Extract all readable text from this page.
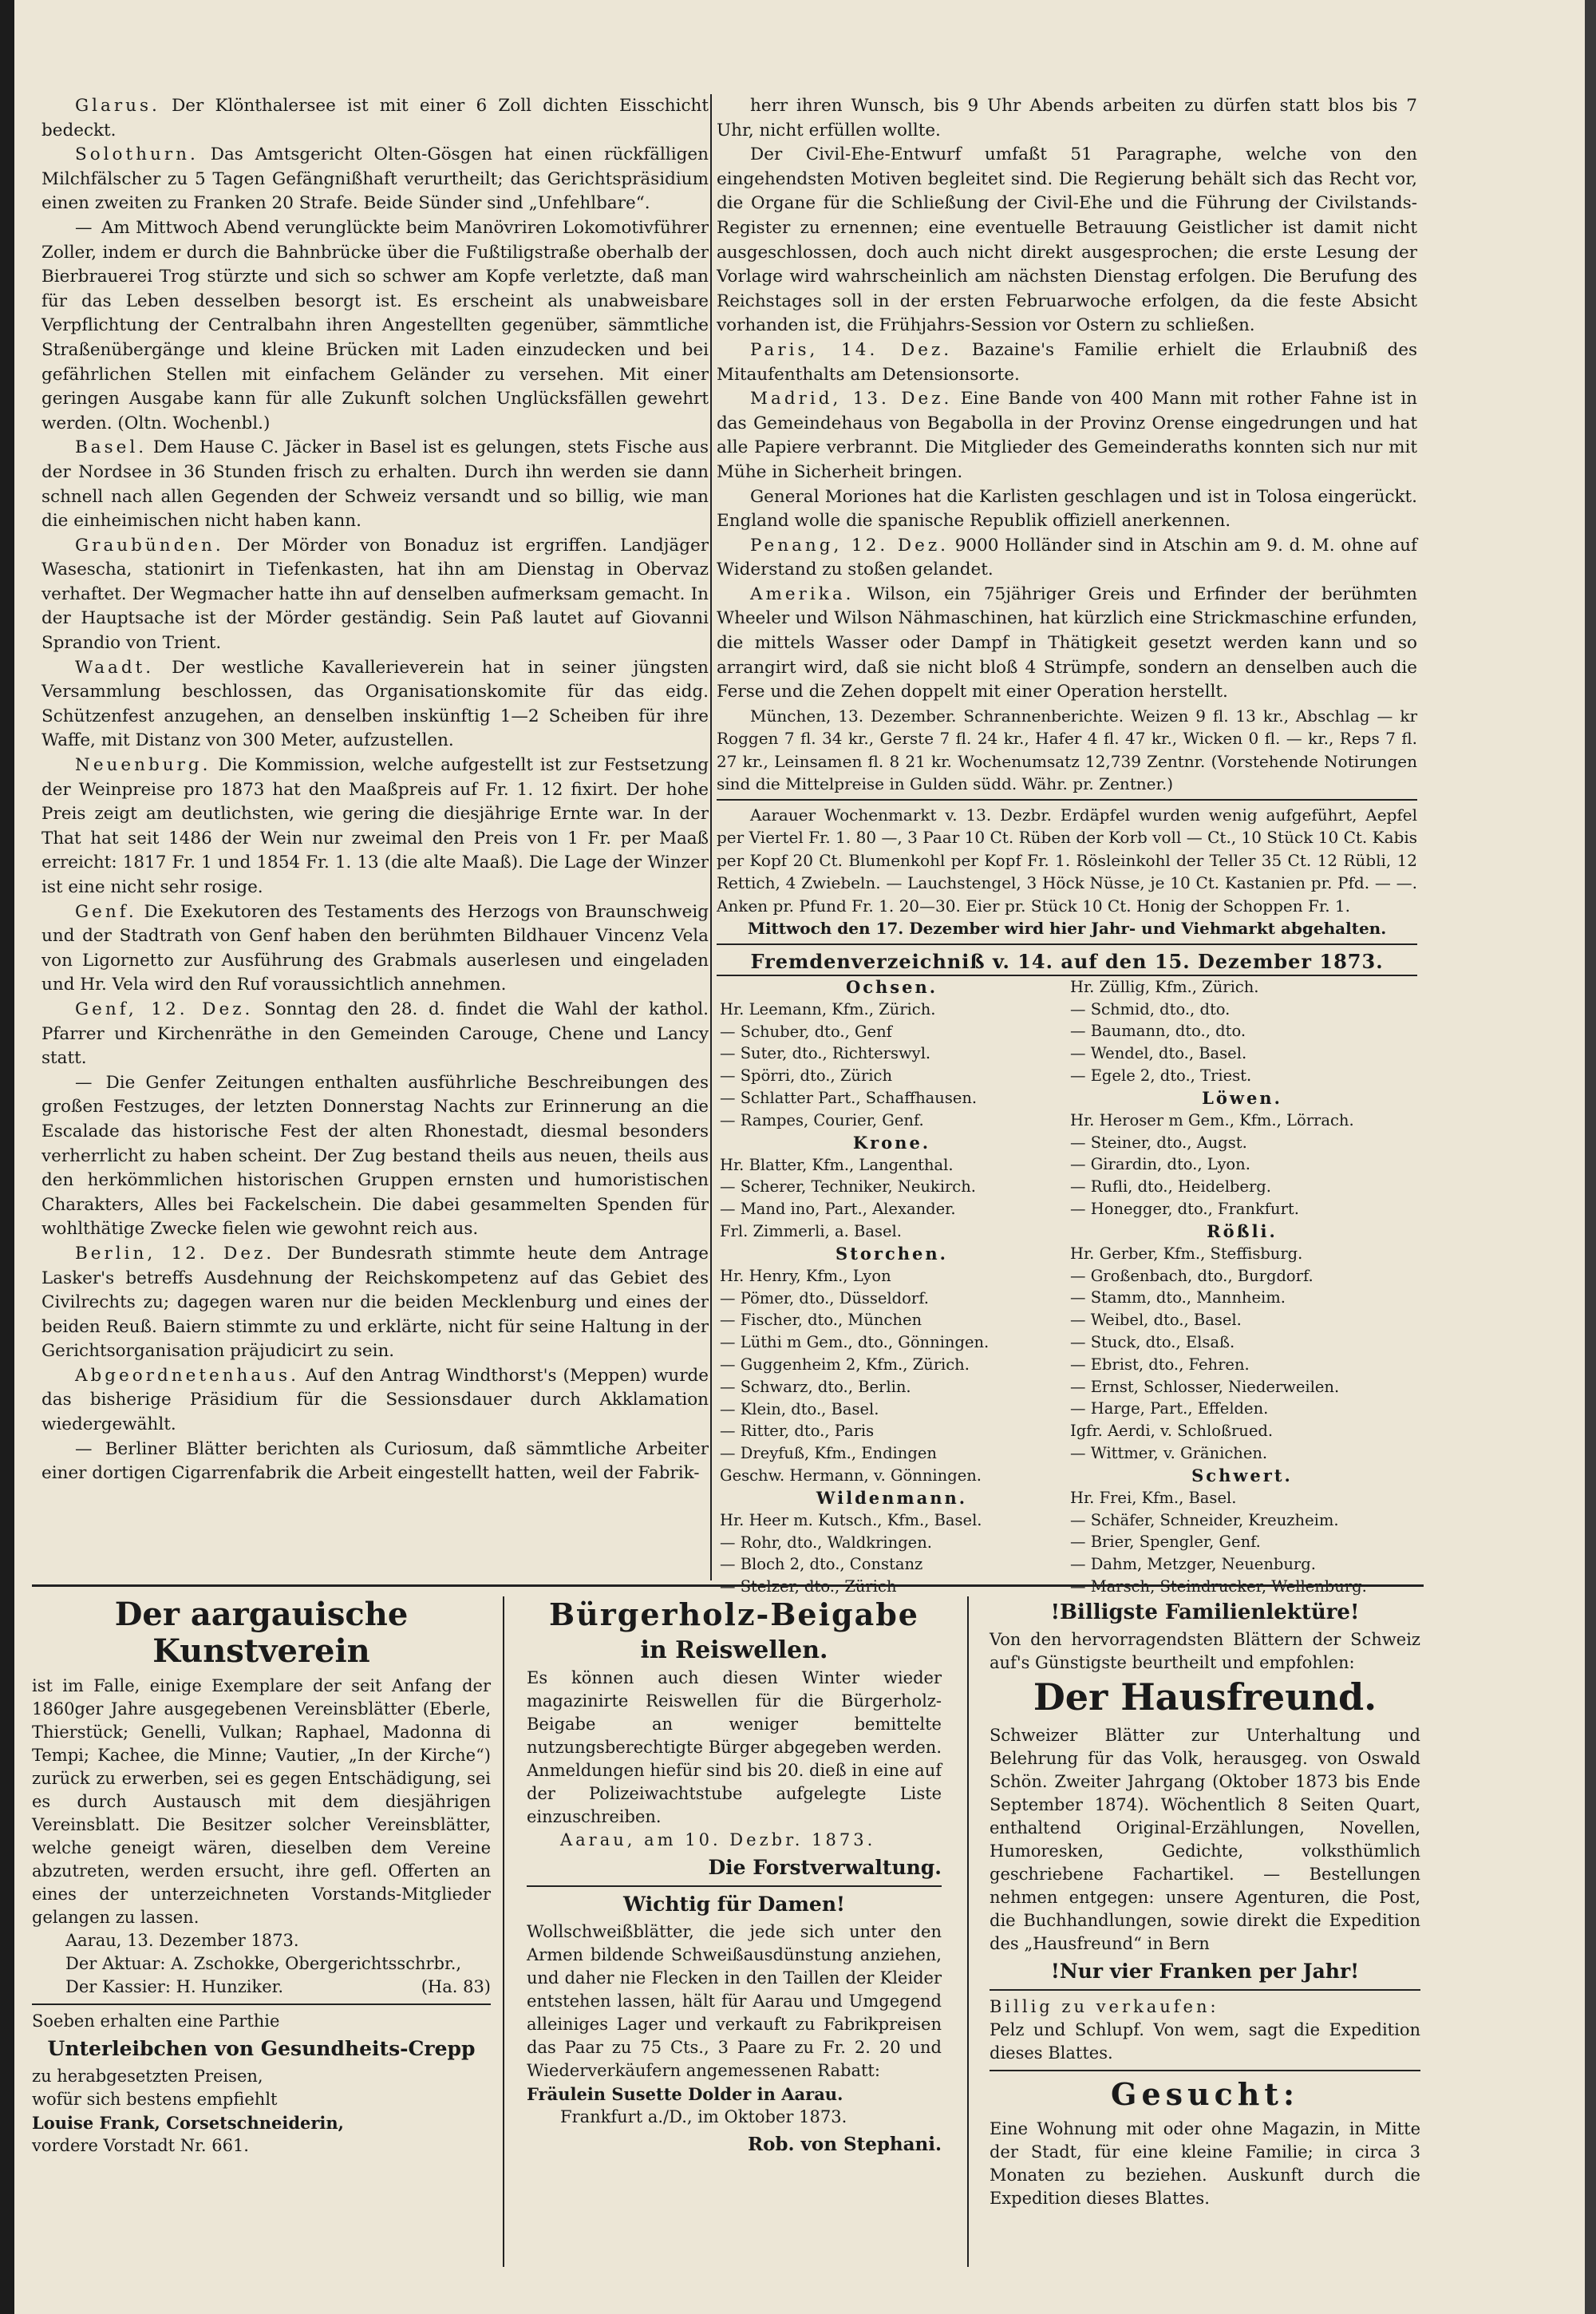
Glarus. Der Klönthalersee ist mit einer 6 Zoll dichten Eisschicht bedeckt.

Solothurn. Das Amtsgericht Olten-Gösgen hat einen rückfälligen Milchfälscher zu 5 Tagen Gefängnißhaft verurtheilt; das Gerichtspräsidium einen zweiten zu Franken 20 Strafe. Beide Sünder sind „Unfehlbare“.

— Am Mittwoch Abend verunglückte beim Manövriren Lokomotivführer Zoller, indem er durch die Bahnbrücke über die Fußtiligstraße oberhalb der Bierbrauerei Trog stürzte und sich so schwer am Kopfe verletzte, daß man für das Leben desselben besorgt ist. Es erscheint als unabweisbare Verpflichtung der Centralbahn ihren Angestellten gegenüber, sämmtliche Straßenübergänge und kleine Brücken mit Laden einzudecken und bei gefährlichen Stellen mit einfachem Geländer zu versehen. Mit einer geringen Ausgabe kann für alle Zukunft solchen Unglücksfällen gewehrt werden. (Oltn. Wochenbl.)

Basel. Dem Hause C. Jäcker in Basel ist es gelungen, stets Fische aus der Nordsee in 36 Stunden frisch zu erhalten. Durch ihn werden sie dann schnell nach allen Gegenden der Schweiz versandt und so billig, wie man die einheimischen nicht haben kann.

Graubünden. Der Mörder von Bonaduz ist ergriffen. Landjäger Wasescha, stationirt in Tiefenkasten, hat ihn am Dienstag in Obervaz verhaftet. Der Wegmacher hatte ihn auf denselben aufmerksam gemacht. In der Hauptsache ist der Mörder geständig. Sein Paß lautet auf Giovanni Sprandio von Trient.

Waadt. Der westliche Kavallerieverein hat in seiner jüngsten Versammlung beschlossen, das Organisationskomite für das eidg. Schützenfest anzugehen, an denselben inskünftig 1—2 Scheiben für ihre Waffe, mit Distanz von 300 Meter, aufzustellen.

Neuenburg. Die Kommission, welche aufgestellt ist zur Festsetzung der Weinpreise pro 1873 hat den Maaßpreis auf Fr. 1. 12 fixirt. Der hohe Preis zeigt am deutlichsten, wie gering die diesjährige Ernte war. In der That hat seit 1486 der Wein nur zweimal den Preis von 1 Fr. per Maaß erreicht: 1817 Fr. 1 und 1854 Fr. 1. 13 (die alte Maaß). Die Lage der Winzer ist eine nicht sehr rosige.

Genf. Die Exekutoren des Testaments des Herzogs von Braunschweig und der Stadtrath von Genf haben den berühmten Bildhauer Vincenz Vela von Ligornetto zur Ausführung des Grabmals auserlesen und eingeladen und Hr. Vela wird den Ruf voraussichtlich annehmen.

Genf, 12. Dez. Sonntag den 28. d. findet die Wahl der kathol. Pfarrer und Kirchenräthe in den Gemeinden Carouge, Chene und Lancy statt.

— Die Genfer Zeitungen enthalten ausführliche Beschreibungen des großen Festzuges, der letzten Donnerstag Nachts zur Erinnerung an die Escalade das historische Fest der alten Rhonestadt, diesmal besonders verherrlicht zu haben scheint. Der Zug bestand theils aus neuen, theils aus den herkömmlichen historischen Gruppen ernsten und humoristischen Charakters, Alles bei Fackelschein. Die dabei gesammelten Spenden für wohlthätige Zwecke fielen wie gewohnt reich aus.

Berlin, 12. Dez. Der Bundesrath stimmte heute dem Antrage Lasker's betreffs Ausdehnung der Reichskompetenz auf das Gebiet des Civilrechts zu; dagegen waren nur die beiden Mecklenburg und eines der beiden Reuß. Baiern stimmte zu und erklärte, nicht für seine Haltung in der Gerichtsorganisation präjudicirt zu sein.

Abgeordnetenhaus. Auf den Antrag Windthorst's (Meppen) wurde das bisherige Präsidium für die Sessionsdauer durch Akklamation wiedergewählt.

— Berliner Blätter berichten als Curiosum, daß sämmtliche Arbeiter einer dortigen Cigarrenfabrik die Arbeit eingestellt hatten, weil der Fabrik-

herr ihren Wunsch, bis 9 Uhr Abends arbeiten zu dürfen statt blos bis 7 Uhr, nicht erfüllen wollte.

Der Civil-Ehe-Entwurf umfaßt 51 Paragraphe, welche von den eingehendsten Motiven begleitet sind. Die Regierung behält sich das Recht vor, die Organe für die Schließung der Civil-Ehe und die Führung der Civilstands-Register zu ernennen; eine eventuelle Betrauung Geistlicher ist damit nicht ausgeschlossen, doch auch nicht direkt ausgesprochen; die erste Lesung der Vorlage wird wahrscheinlich am nächsten Dienstag erfolgen. Die Berufung des Reichstages soll in der ersten Februarwoche erfolgen, da die feste Absicht vorhanden ist, die Frühjahrs-Session vor Ostern zu schließen.

Paris, 14. Dez. Bazaine's Familie erhielt die Erlaubniß des Mitaufenthalts am Detensionsorte.

Madrid, 13. Dez. Eine Bande von 400 Mann mit rother Fahne ist in das Gemeindehaus von Begabolla in der Provinz Orense eingedrungen und hat alle Papiere verbrannt. Die Mitglieder des Gemeinderaths konnten sich nur mit Mühe in Sicherheit bringen.

General Moriones hat die Karlisten geschlagen und ist in Tolosa eingerückt. England wolle die spanische Republik offiziell anerkennen.

Penang, 12. Dez. 9000 Holländer sind in Atschin am 9. d. M. ohne auf Widerstand zu stoßen gelandet.

Amerika. Wilson, ein 75jähriger Greis und Erfinder der berühmten Wheeler und Wilson Nähmaschinen, hat kürzlich eine Strickmaschine erfunden, die mittels Wasser oder Dampf in Thätigkeit gesetzt werden kann und so arrangirt wird, daß sie nicht bloß 4 Strümpfe, sondern an denselben auch die Ferse und die Zehen doppelt mit einer Operation herstellt.

München, 13. Dezember. Schrannenberichte. Weizen 9 fl. 13 kr., Abschlag — kr Roggen 7 fl. 34 kr., Gerste 7 fl. 24 kr., Hafer 4 fl. 47 kr., Wicken 0 fl. — kr., Reps 7 fl. 27 kr., Leinsamen fl. 8 21 kr. Wochenumsatz 12,739 Zentnr. (Vorstehende Notirungen sind die Mittelpreise in Gulden südd. Währ. pr. Zentner.)

Aarauer Wochenmarkt v. 13. Dezbr. Erdäpfel wurden wenig aufgeführt, Aepfel per Viertel Fr. 1. 80 —, 3 Paar 10 Ct. Rüben der Korb voll — Ct., 10 Stück 10 Ct. Kabis per Kopf 20 Ct. Blumenkohl per Kopf Fr. 1. Rösleinkohl der Teller 35 Ct. 12 Rübli, 12 Rettich, 4 Zwiebeln. — Lauchstengel, 3 Höck Nüsse, je 10 Ct. Kastanien pr. Pfd. — —. Anken pr. Pfund Fr. 1. 20—30. Eier pr. Stück 10 Ct. Honig der Schoppen Fr. 1.

Mittwoch den 17. Dezember wird hier Jahr- und Viehmarkt abgehalten.

Fremdenverzeichniß v. 14. auf den 15. Dezember 1873.

Ochsen.
Hr. Leemann, Kfm., Zürich.
— Schuber, dto., Genf
— Suter, dto., Richterswyl.
— Spörri, dto., Zürich
— Schlatter Part., Schaffhausen.
— Rampes, Courier, Genf.
Krone.
Hr. Blatter, Kfm., Langenthal.
— Scherer, Techniker, Neukirch.
— Mand ino, Part., Alexander.
Frl. Zimmerli, a. Basel.
Storchen.
Hr. Henry, Kfm., Lyon
— Pömer, dto., Düsseldorf.
— Fischer, dto., München
— Lüthi m Gem., dto., Gönningen.
— Guggenheim 2, Kfm., Zürich.
— Schwarz, dto., Berlin.
— Klein, dto., Basel.
— Ritter, dto., Paris
— Dreyfuß, Kfm., Endingen
Geschw. Hermann, v. Gönningen.
Wildenmann.
Hr. Heer m. Kutsch., Kfm., Basel.
— Rohr, dto., Waldkringen.
— Bloch 2, dto., Constanz
Hr. Züllig, Kfm., Zürich.
— Schmid, dto., dto.
— Baumann, dto., dto.
— Wendel, dto., Basel.
— Egele 2, dto., Triest.
Löwen.
Hr. Heroser m Gem., Kfm., Lörrach.
— Steiner, dto., Augst.
— Girardin, dto., Lyon.
— Rufli, dto., Heidelberg.
— Honegger, dto., Frankfurt.
Rößli.
Hr. Gerber, Kfm., Steffisburg.
— Großenbach, dto., Burgdorf.
— Stamm, dto., Mannheim.
— Weibel, dto., Basel.
— Stuck, dto., Elsaß.
— Ebrist, dto., Fehren.
— Ernst, Schlosser, Niederweilen.
— Harge, Part., Effelden.
Igfr. Aerdi, v. Schloßrued.
— Wittmer, v. Gränichen.
Schwert.
Hr. Frei, Kfm., Basel.
— Schäfer, Schneider, Kreuzheim.
— Brier, Spengler, Genf.
— Dahm, Metzger, Neuenburg.

Der aargauische Kunstverein

ist im Falle, einige Exemplare der seit Anfang der 1860ger Jahre ausgegebenen Vereinsblätter (Eberle, Thierstück; Genelli, Vulkan; Raphael, Madonna di Tempi; Kachee, die Minne; Vautier, „In der Kirche“) zurück zu erwerben, sei es gegen Entschädigung, sei es durch Austausch mit dem diesjährigen Vereinsblatt. Die Besitzer solcher Vereinsblätter, welche geneigt wären, dieselben dem Vereine abzutreten, werden ersucht, ihre gefl. Offerten an eines der unterzeichneten Vorstands-Mitglieder gelangen zu lassen.

Aarau, 13. Dezember 1873.

Der Aktuar: A. Zschokke, Obergerichtsschrbr.,

Der Kassier: H. Hunziker.	(Ha. 83)

Soeben erhalten eine Parthie

Unterleibchen von Gesundheits-Crepp

zu herabgesetzten Preisen,

wofür sich bestens empfiehlt

Louise Frank, Corsetschneiderin,

vordere Vorstadt Nr. 661.

Bürgerholz-Beigabe

in Reiswellen.

Es können auch diesen Winter wieder magazinirte Reiswellen für die Bürgerholz-Beigabe an weniger bemittelte nutzungsberechtigte Bürger abgegeben werden. Anmeldungen hiefür sind bis 20. dieß in eine auf der Polizeiwachtstube aufgelegte Liste einzuschreiben.

Aarau, am 10. Dezbr. 1873.

Die Forstverwaltung.

Wichtig für Damen!

Wollschweißblätter, die jede sich unter den Armen bildende Schweißausdünstung anziehen, und daher nie Flecken in den Taillen der Kleider entstehen lassen, hält für Aarau und Umgegend alleiniges Lager und verkauft zu Fabrikpreisen das Paar zu 75 Cts., 3 Paare zu Fr. 2. 20 und Wiederverkäufern angemessenen Rabatt:

Fräulein Susette Dolder in Aarau.

Frankfurt a./D., im Oktober 1873.

Rob. von Stephani.

!Billigste Familienlektüre!

Von den hervorragendsten Blättern der Schweiz auf's Günstigste beurtheilt und empfohlen:

Der Hausfreund.

Schweizer Blätter zur Unterhaltung und Belehrung für das Volk, herausgeg. von Oswald Schön. Zweiter Jahrgang (Oktober 1873 bis Ende September 1874). Wöchentlich 8 Seiten Quart, enthaltend Original-Erzählungen, Novellen, Humoresken, Gedichte, volksthümlich geschriebene Fachartikel. — Bestellungen nehmen entgegen: unsere Agenturen, die Post, die Buchhandlungen, sowie direkt die Expedition des „Hausfreund“ in Bern

!Nur vier Franken per Jahr!

Billig zu verkaufen:

Pelz und Schlupf. Von wem, sagt die Expedition dieses Blattes.

Gesucht:

Eine Wohnung mit oder ohne Magazin, in Mitte der Stadt, für eine kleine Familie; in circa 3 Monaten zu beziehen. Auskunft durch die Expedition dieses Blattes.
